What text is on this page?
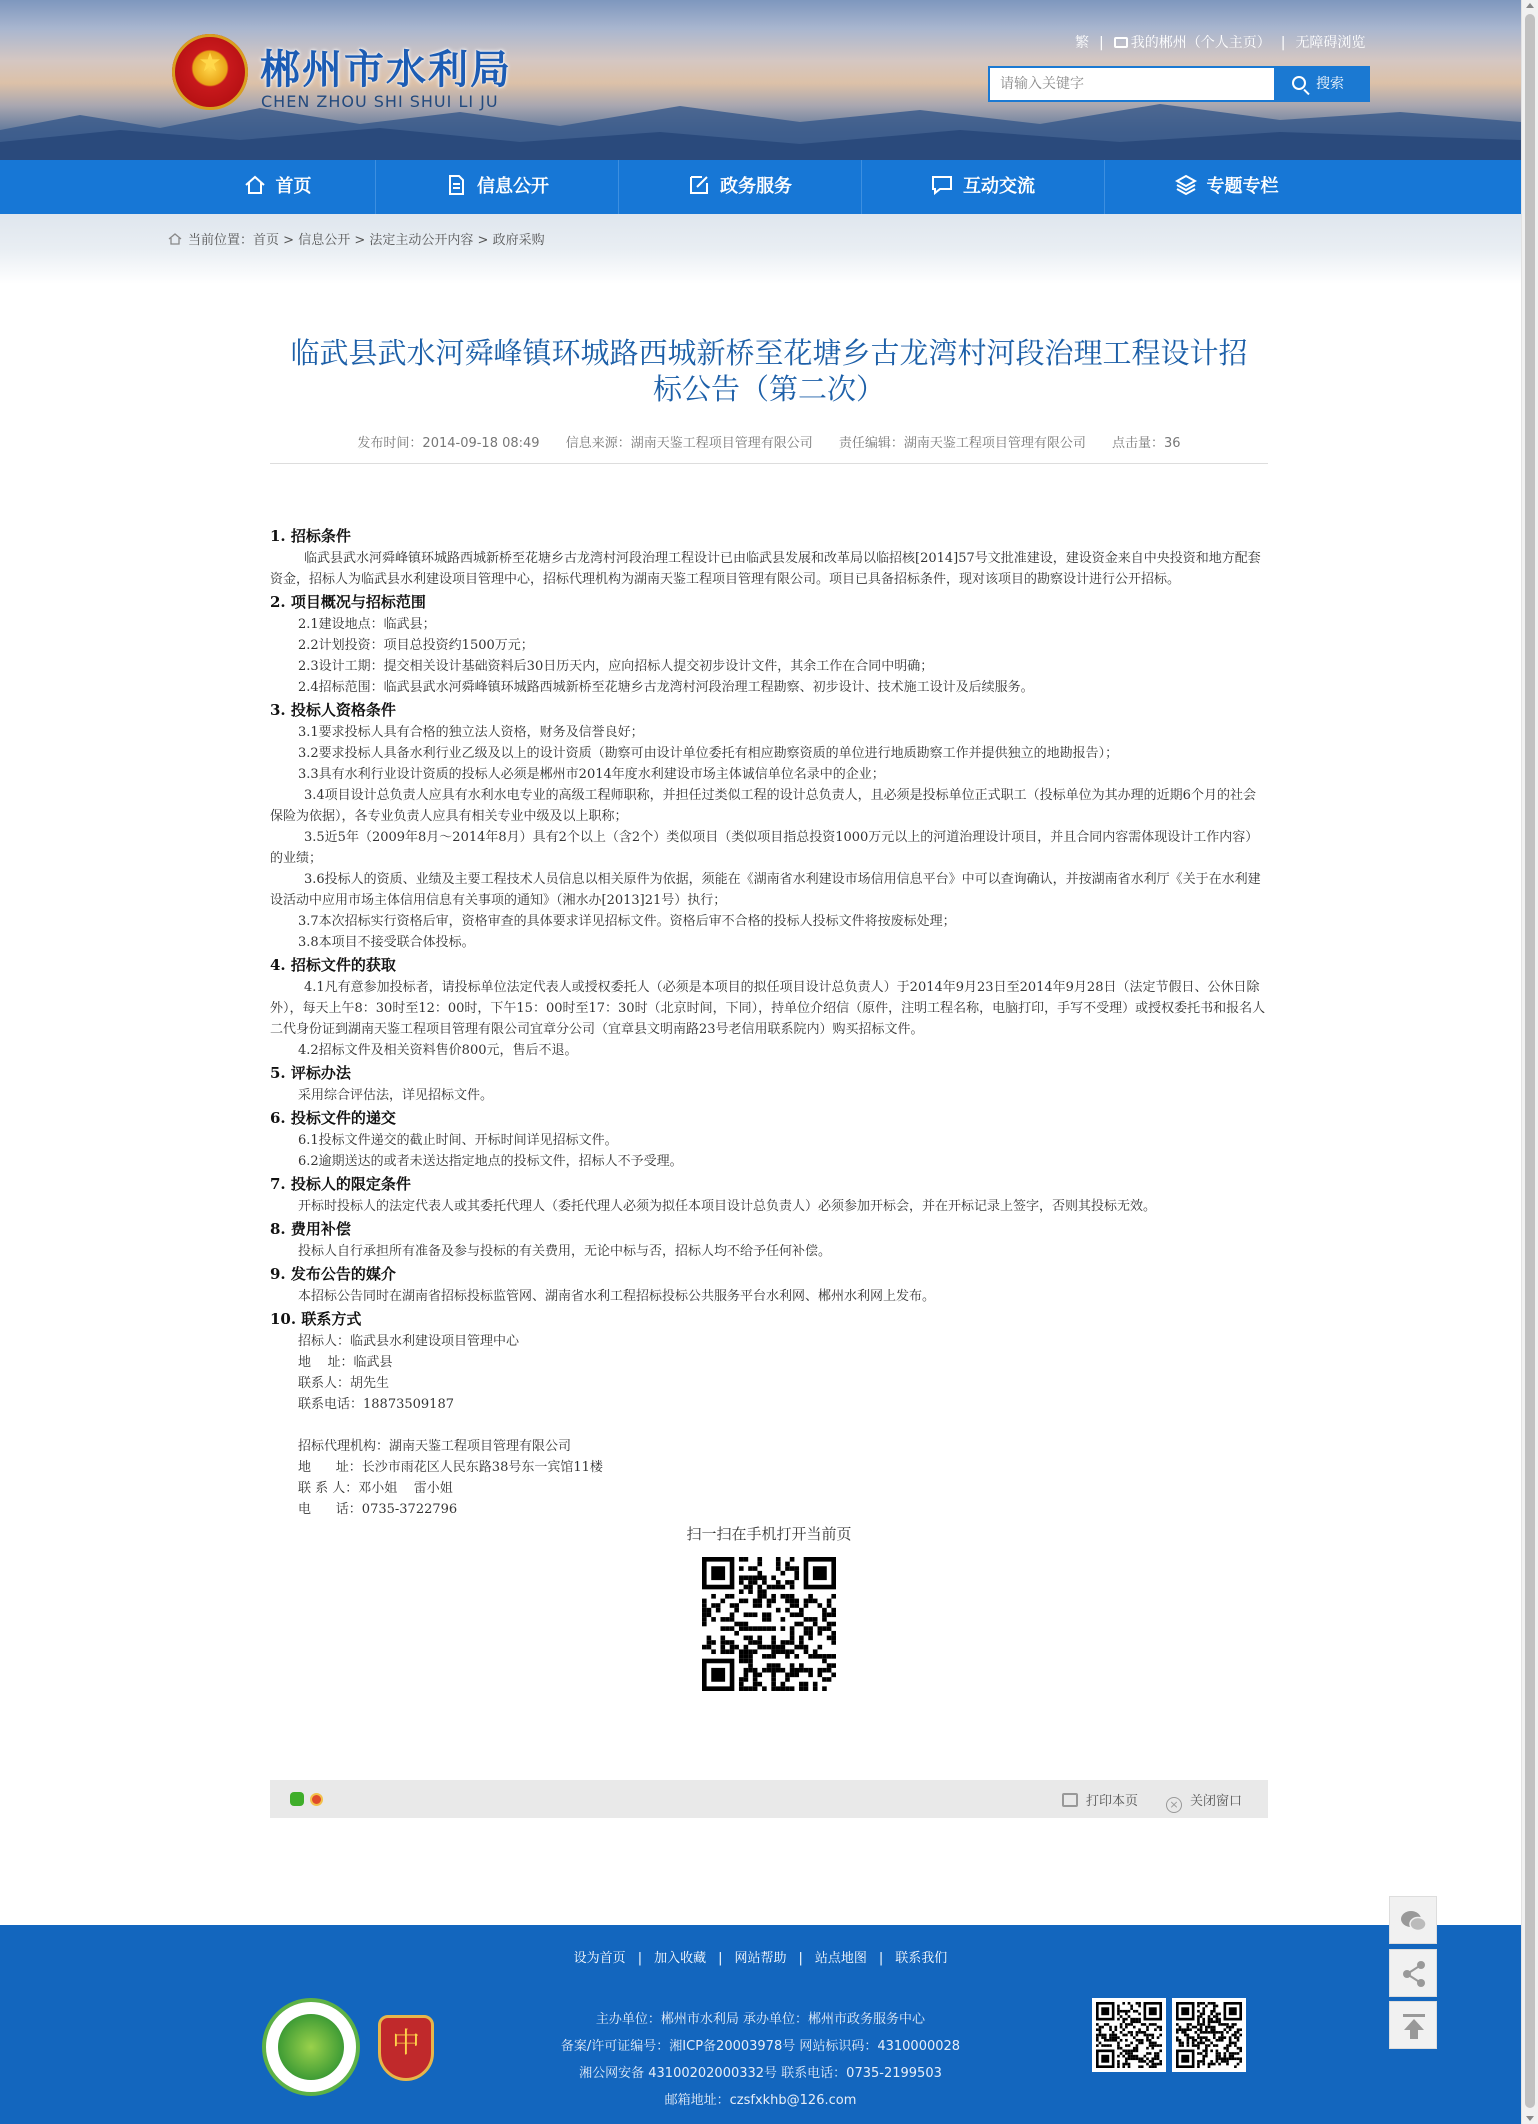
★ 郴州市水利局
CHEN ZHOU SHI SHUI LI JU
繁 | 我的郴州（个人主页） | 无障碍浏览
请输入关键字	搜索
首页	信息公开	政务服务	互动交流	专题专栏
当前位置：首页 > 信息公开 > 法定主动公开内容 > 政府采购
临武县武水河舜峰镇环城路西城新桥至花塘乡古龙湾村河段治理工程设计招
标公告（第二次）
发布时间：2014-09-18 08:49 信息来源：湖南天鉴工程项目管理有限公司 责任编辑：湖南天鉴工程项目管理有限公司 点击量：36
1. 招标条件

临武县武水河舜峰镇环城路西城新桥至花塘乡古龙湾村河段治理工程设计已由临武县发展和改革局以临招核[2014]57号文批准建设，建设资金来自中央投资和地方配套资金，招标人为临武县水利建设项目管理中心，招标代理机构为湖南天鉴工程项目管理有限公司。项目已具备招标条件，现对该项目的勘察设计进行公开招标。

2. 项目概况与招标范围

2.1建设地点：临武县；

2.2计划投资：项目总投资约1500万元；

2.3设计工期：提交相关设计基础资料后30日历天内，应向招标人提交初步设计文件，其余工作在合同中明确；

2.4招标范围：临武县武水河舜峰镇环城路西城新桥至花塘乡古龙湾村河段治理工程勘察、初步设计、技术施工设计及后续服务。

3. 投标人资格条件

3.1要求投标人具有合格的独立法人资格，财务及信誉良好；

3.2要求投标人具备水利行业乙级及以上的设计资质（勘察可由设计单位委托有相应勘察资质的单位进行地质勘察工作并提供独立的地勘报告）；

3.3具有水利行业设计资质的投标人必须是郴州市2014年度水利建设市场主体诚信单位名录中的企业；

3.4项目设计总负责人应具有水利水电专业的高级工程师职称，并担任过类似工程的设计总负责人，且必须是投标单位正式职工（投标单位为其办理的近期6个月的社会保险为依据），各专业负责人应具有相关专业中级及以上职称；

3.5近5年（2009年8月～2014年8月）具有2个以上（含2个）类似项目（类似项目指总投资1000万元以上的河道治理设计项目，并且合同内容需体现设计工作内容）的业绩；

3.6投标人的资质、业绩及主要工程技术人员信息以相关原件为依据，须能在《湖南省水利建设市场信用信息平台》中可以查询确认，并按湖南省水利厅《关于在水利建设活动中应用市场主体信用信息有关事项的通知》（湘水办[2013]21号）执行；

3.7本次招标实行资格后审，资格审查的具体要求详见招标文件。资格后审不合格的投标人投标文件将按废标处理；

3.8本项目不接受联合体投标。

4. 招标文件的获取

4.1凡有意参加投标者，请投标单位法定代表人或授权委托人（必须是本项目的拟任项目设计总负责人）于2014年9月23日至2014年9月28日（法定节假日、公休日除外），每天上午8：30时至12：00时，下午15：00时至17：30时（北京时间，下同），持单位介绍信（原件，注明工程名称，电脑打印，手写不受理）或授权委托书和报名人二代身份证到湖南天鉴工程项目管理有限公司宜章分公司（宜章县文明南路23号老信用联系院内）购买招标文件。

4.2招标文件及相关资料售价800元，售后不退。

5. 评标办法

采用综合评估法，详见招标文件。

6. 投标文件的递交

6.1投标文件递交的截止时间、开标时间详见招标文件。

6.2逾期送达的或者未送达指定地点的投标文件，招标人不予受理。

7. 投标人的限定条件

开标时投标人的法定代表人或其委托代理人（委托代理人必须为拟任本项目设计总负责人）必须参加开标会，并在开标记录上签字，否则其投标无效。

8. 费用补偿

投标人自行承担所有准备及参与投标的有关费用，无论中标与否，招标人均不给予任何补偿。

9. 发布公告的媒介

本招标公告同时在湖南省招标投标监管网、湖南省水利工程招标投标公共服务平台水利网、郴州水利网上发布。

10. 联系方式

招标人：临武县水利建设项目管理中心

地    址：临武县

联系人：胡先生

联系电话：18873509187

招标代理机构：湖南天鉴工程项目管理有限公司

地      址：长沙市雨花区人民东路38号东一宾馆11楼

联 系 人：邓小姐    雷小姐

电      话：0735-3722796

扫一扫在手机打开当前页
打印本页	× 关闭窗口
设为首页 | 加入收藏 | 网站帮助 | 站点地图 | 联系我们
中
主办单位：郴州市水利局 承办单位：郴州市政务服务中心
备案/许可证编号：湘ICP备20003978号 网站标识码：4310000028
湘公网安备 43100202000332号 联系电话：0735-2199503
邮箱地址：czsfxkhb@126.com
